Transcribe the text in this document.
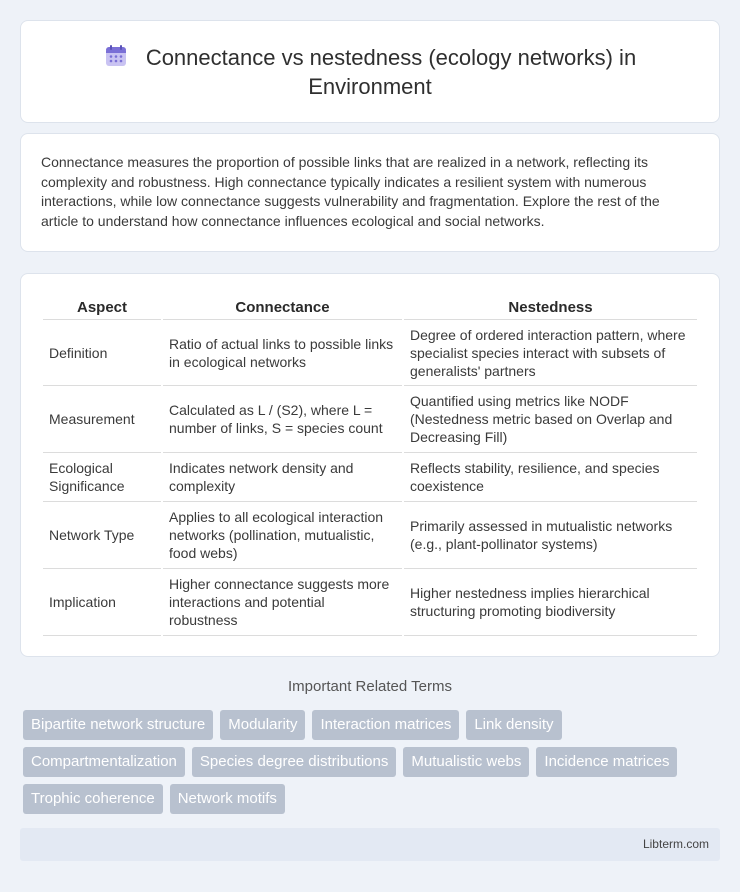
Connectance vs nestedness (ecology networks) in Environment

Connectance measures the proportion of possible links that are realized in a network, reflecting its complexity and robustness. High connectance typically indicates a resilient system with numerous interactions, while low connectance suggests vulnerability and fragmentation. Explore the rest of the article to understand how connectance influences ecological and social networks.

Aspect	Connectance	Nestedness
Definition	Ratio of actual links to possible links in ecological networks	Degree of ordered interaction pattern, where specialist species interact with subsets of generalists' partners
Measurement	Calculated as L / (S2), where L = number of links, S = species count	Quantified using metrics like NODF (Nestedness metric based on Overlap and Decreasing Fill)
Ecological Significance	Indicates network density and complexity	Reflects stability, resilience, and species coexistence
Network Type	Applies to all ecological interaction networks (pollination, mutualistic, food webs)	Primarily assessed in mutualistic networks (e.g., plant-pollinator systems)
Implication	Higher connectance suggests more interactions and potential robustness	Higher nestedness implies hierarchical structuring promoting biodiversity
Important Related Terms
Bipartite network structure	Modularity	Interaction matrices	Link density
Compartmentalization	Species degree distributions	Mutualistic webs	Incidence matrices
Trophic coherence	Network motifs
Libterm.com
